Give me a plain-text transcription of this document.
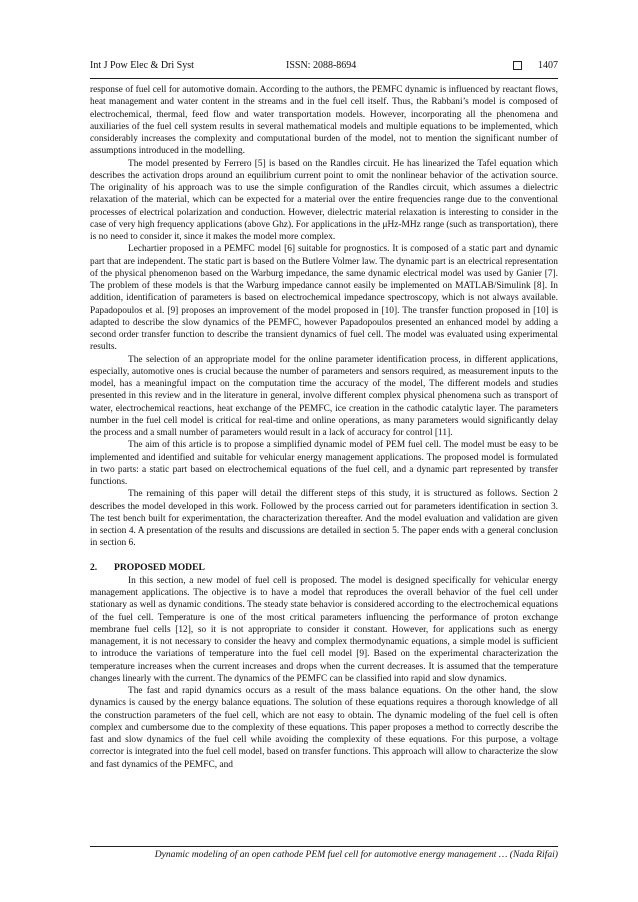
Int J Pow Elec & Dri Syst	ISSN: 2088-8694	1407

response of fuel cell for automotive domain. According to the authors, the PEMFC dynamic is influenced by reactant flows, heat management and water content in the streams and in the fuel cell itself. Thus, the Rabbani’s model is composed of electrochemical, thermal, feed flow and water transportation models. However, incorporating all the phenomena and auxiliaries of the fuel cell system results in several mathematical models and multiple equations to be implemented, which considerably increases the complexity and computational burden of the model, not to mention the significant number of assumptions introduced in the modelling.

The model presented by Ferrero [5] is based on the Randles circuit. He has linearized the Tafel equation which describes the activation drops around an equilibrium current point to omit the nonlinear behavior of the activation source. The originality of his approach was to use the simple configuration of the Randles circuit, which assumes a dielectric relaxation of the material, which can be expected for a material over the entire frequencies range due to the conventional processes of electrical polarization and conduction. However, dielectric material relaxation is interesting to consider in the case of very high frequency applications (above Ghz). For applications in the μHz-MHz range (such as transportation), there is no need to consider it, since it makes the model more complex.

Lechartier proposed in a PEMFC model [6] suitable for prognostics. It is composed of a static part and dynamic part that are independent. The static part is based on the Butlere Volmer law. The dynamic part is an electrical representation of the physical phenomenon based on the Warburg impedance, the same dynamic electrical model was used by Ganier [7]. The problem of these models is that the Warburg impedance cannot easily be implemented on MATLAB/Simulink [8]. In addition, identification of parameters is based on electrochemical impedance spectroscopy, which is not always available. Papadopoulos et al. [9] proposes an improvement of the model proposed in [10]. The transfer function proposed in [10] is adapted to describe the slow dynamics of the PEMFC, however Papadopoulos presented an enhanced model by adding a second order transfer function to describe the transient dynamics of fuel cell. The model was evaluated using experimental results.

The selection of an appropriate model for the online parameter identification process, in different applications, especially, automotive ones is crucial because the number of parameters and sensors required, as measurement inputs to the model, has a meaningful impact on the computation time the accuracy of the model, The different models and studies presented in this review and in the literature in general, involve different complex physical phenomena such as transport of water, electrochemical reactions, heat exchange of the PEMFC, ice creation in the cathodic catalytic layer. The parameters number in the fuel cell model is critical for real-time and online operations, as many parameters would significantly delay the process and a small number of parameters would result in a lack of accuracy for control [11].

The aim of this article is to propose a simplified dynamic model of PEM fuel cell. The model must be easy to be implemented and identified and suitable for vehicular energy management applications. The proposed model is formulated in two parts: a static part based on electrochemical equations of the fuel cell, and a dynamic part represented by transfer functions.

The remaining of this paper will detail the different steps of this study, it is structured as follows. Section 2 describes the model developed in this work. Followed by the process carried out for parameters identification in section 3. The test bench built for experimentation, the characterization thereafter. And the model evaluation and validation are given in section 4. A presentation of the results and discussions are detailed in section 5. The paper ends with a general conclusion in section 6.

2. PROPOSED MODEL

In this section, a new model of fuel cell is proposed. The model is designed specifically for vehicular energy management applications. The objective is to have a model that reproduces the overall behavior of the fuel cell under stationary as well as dynamic conditions. The steady state behavior is considered according to the electrochemical equations of the fuel cell. Temperature is one of the most critical parameters influencing the performance of proton exchange membrane fuel cells [12], so it is not appropriate to consider it constant. However, for applications such as energy management, it is not necessary to consider the heavy and complex thermodynamic equations, a simple model is sufficient to introduce the variations of temperature into the fuel cell model [9]. Based on the experimental characterization the temperature increases when the current increases and drops when the current decreases. It is assumed that the temperature changes linearly with the current. The dynamics of the PEMFC can be classified into rapid and slow dynamics.

The fast and rapid dynamics occurs as a result of the mass balance equations. On the other hand, the slow dynamics is caused by the energy balance equations. The solution of these equations requires a thorough knowledge of all the construction parameters of the fuel cell, which are not easy to obtain. The dynamic modeling of the fuel cell is often complex and cumbersome due to the complexity of these equations. This paper proposes a method to correctly describe the fast and slow dynamics of the fuel cell while avoiding the complexity of these equations. For this purpose, a voltage corrector is integrated into the fuel cell model, based on transfer functions. This approach will allow to characterize the slow and fast dynamics of the PEMFC, and

Dynamic modeling of an open cathode PEM fuel cell for automotive energy management … (Nada Rifai)
